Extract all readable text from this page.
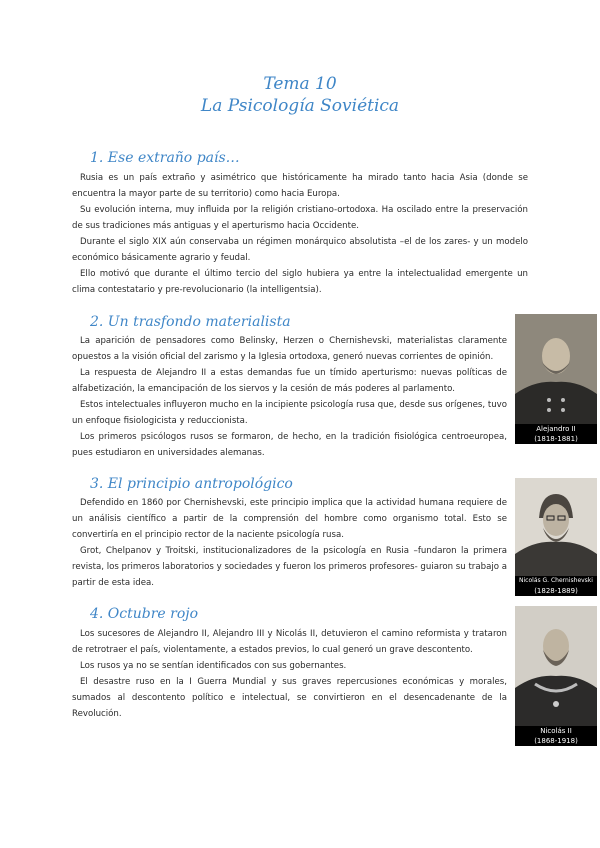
Tema 10
La Psicología Soviética
1. Ese extraño país…
Rusia es un país extraño y asimétrico que históricamente ha mirado tanto hacia Asia (donde se encuentra la mayor parte de su territorio) como hacia Europa.
Su evolución interna, muy influida por la religión cristiano-ortodoxa. Ha oscilado entre la preservación de sus tradiciones más antiguas y el aperturismo hacia Occidente.
Durante el siglo XIX aún conservaba un régimen monárquico absolutista –el de los zares- y un modelo económico básicamente agrario y feudal.
Ello motivó que durante el último tercio del siglo hubiera ya entre la intelectualidad emergente un clima contestatario y pre-revolucionario (la intelligentsia).
2. Un trasfondo materialista
La aparición de pensadores como Belinsky, Herzen o Chernishevski, materialistas claramente opuestos a la visión oficial del zarismo y la Iglesia ortodoxa, generó nuevas corrientes de opinión.
La respuesta de Alejandro II a estas demandas fue un tímido aperturismo: nuevas políticas de alfabetización, la emancipación de los siervos y la cesión de más poderes al parlamento.
Estos intelectuales influyeron mucho en la incipiente psicología rusa que, desde sus orígenes, tuvo un enfoque fisiologicista y reduccionista.
Los primeros psicólogos rusos se formaron, de hecho, en la tradición fisiológica centroeuropea, pues estudiaron en universidades alemanas.
3. El principio antropológico
Defendido en 1860 por Chernishevski, este principio implica que la actividad humana requiere de un análisis científico a partir de la comprensión del hombre como organismo total. Esto se convertiría en el principio rector de la naciente psicología rusa.
Grot, Chelpanov y Troitski, institucionalizadores de la psicología en Rusia –fundaron la primera revista, los primeros laboratorios y sociedades y fueron los primeros profesores- guiaron su trabajo a partir de esta idea.
4. Octubre rojo
Los sucesores de Alejandro II, Alejandro III y Nicolás II, detuvieron el camino reformista y trataron de retrotraer el país, violentamente, a estados previos, lo cual generó un grave descontento.
Los rusos ya no se sentían identificados con sus gobernantes.
El desastre ruso en la I Guerra Mundial y sus graves repercusiones económicas y morales, sumados al descontento político e intelectual, se convirtieron en el desencadenante de la Revolución.
Alejandro II
(1818-1881)
Nicolás G. Chernishevski
(1828-1889)
Nicolás II
(1868-1918)
